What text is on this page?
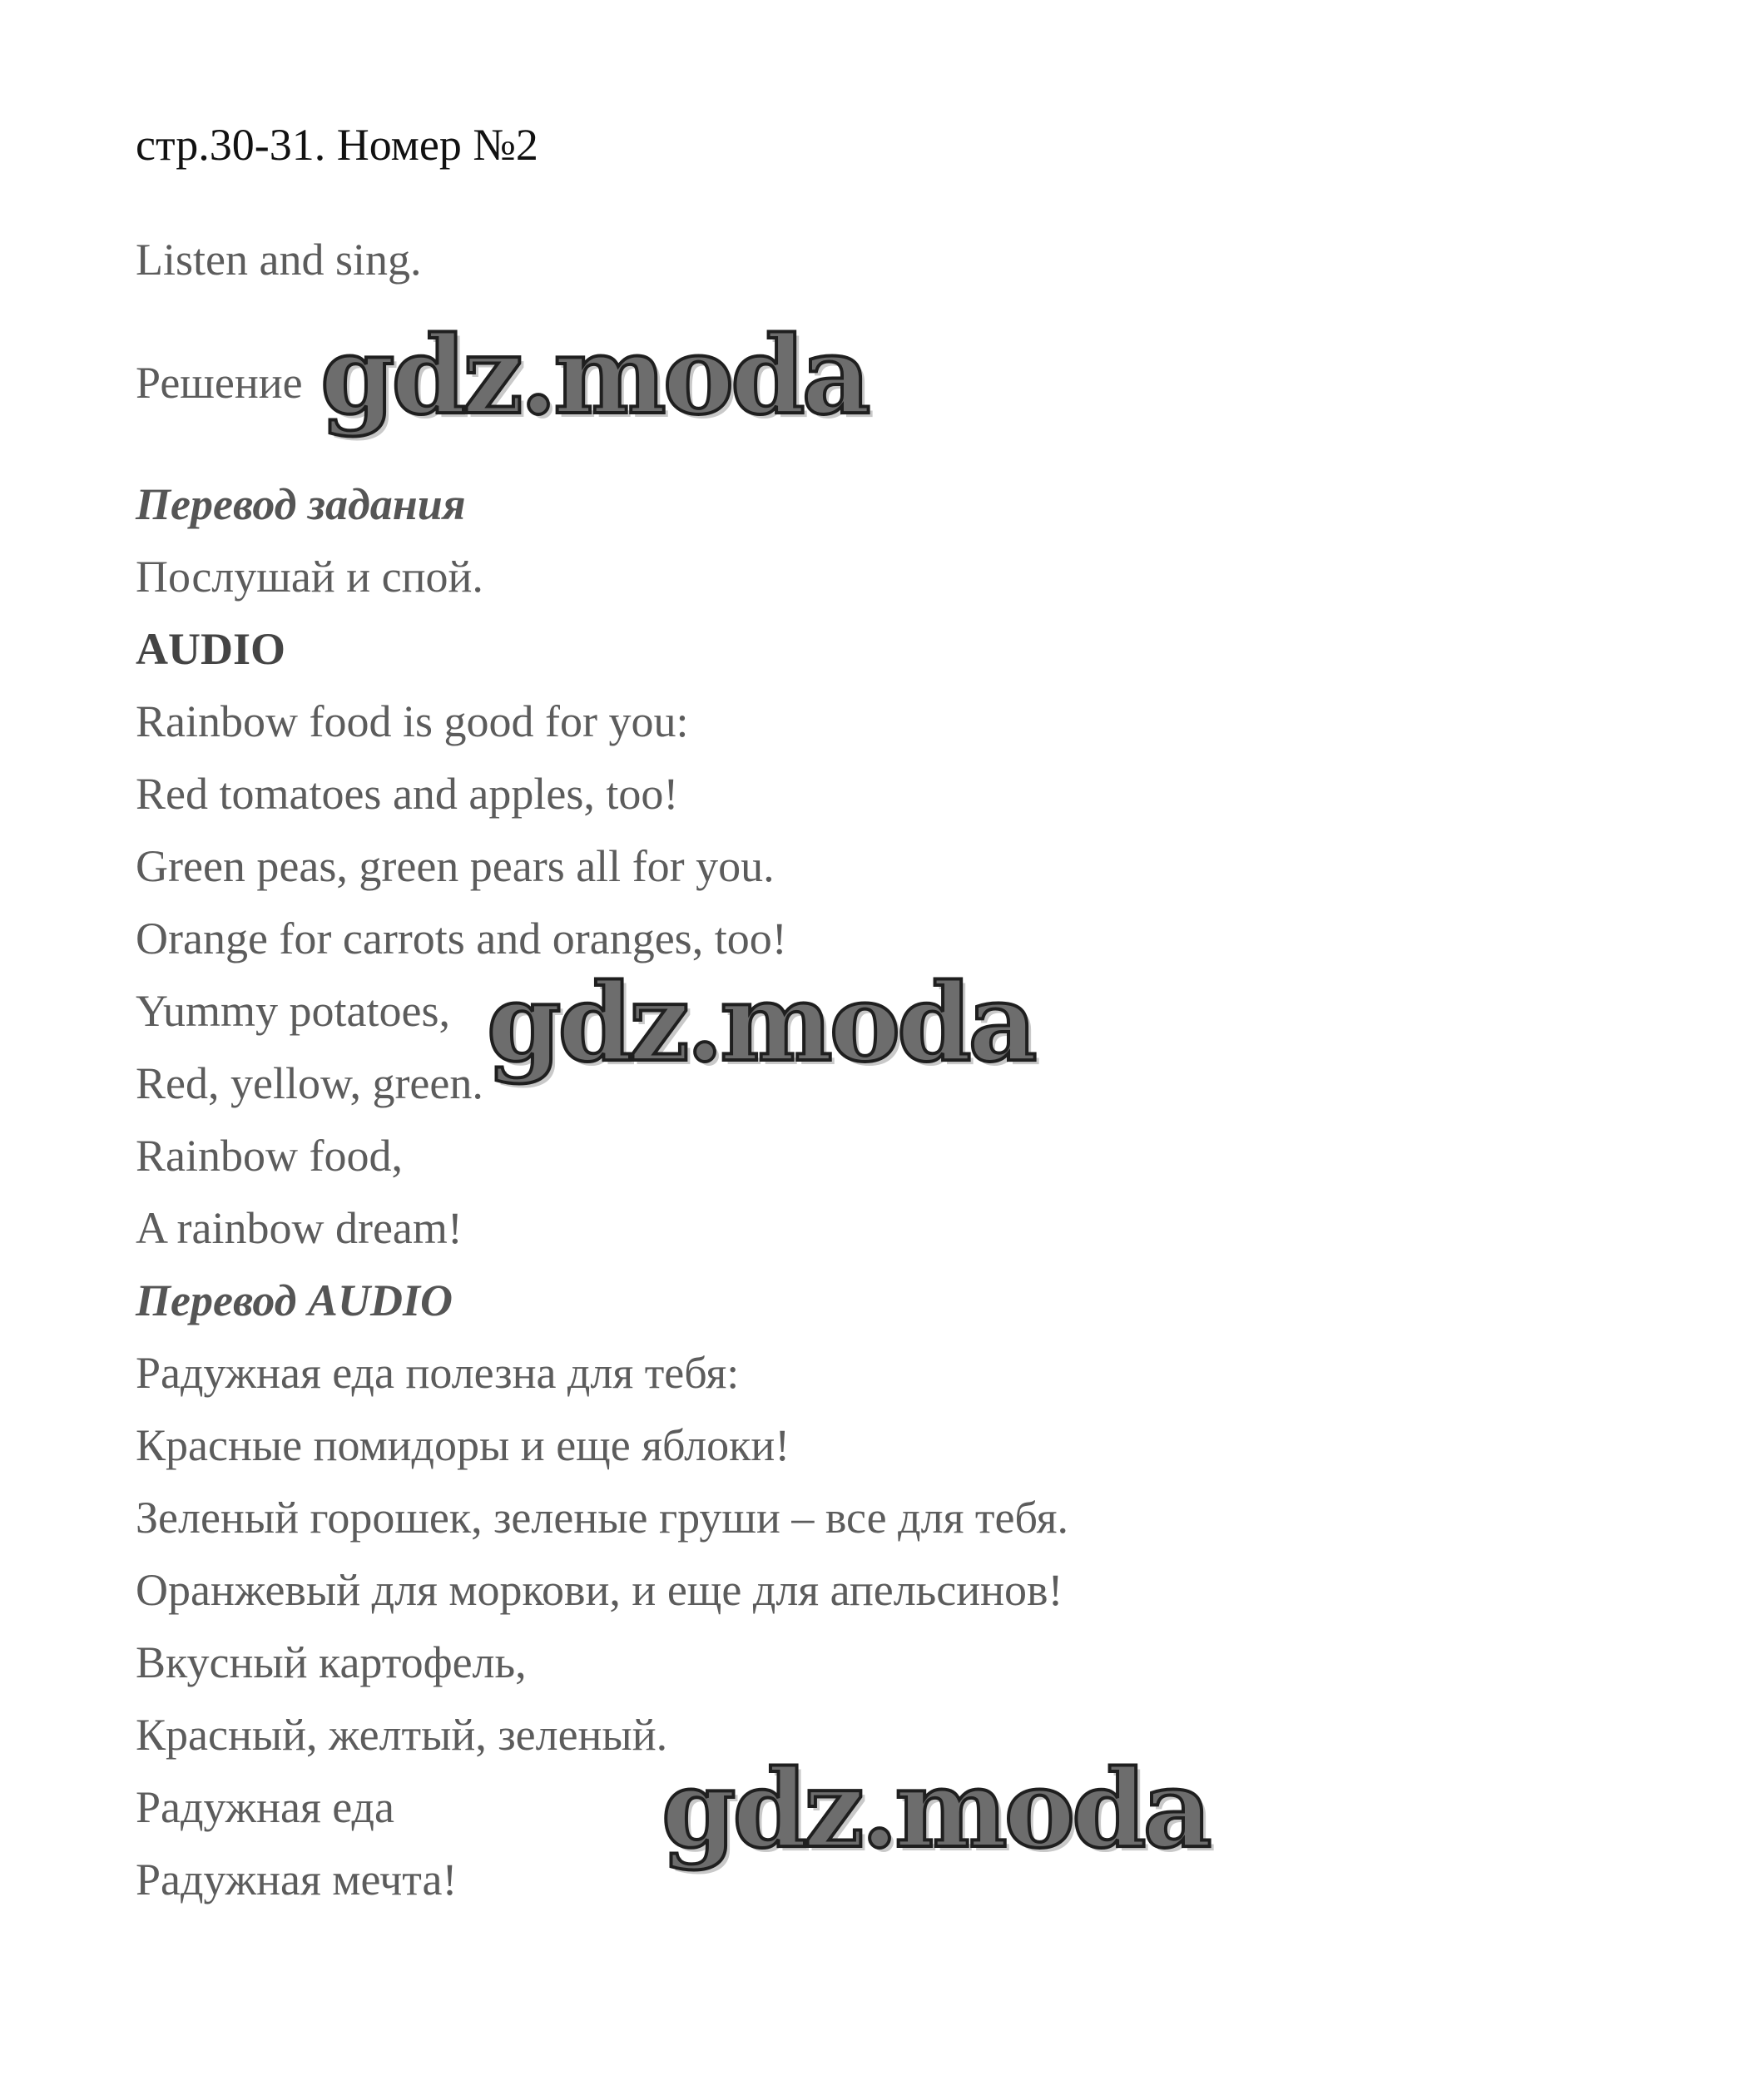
стр.30-31. Номер №2
Listen and sing.
Решение
Перевод задания
Послушай и спой.
AUDIO
Rainbow food is good for you:
Red tomatoes and apples, too!
Green peas, green pears all for you.
Orange for carrots and oranges, too!
Yummy potatoes,
Red, yellow, green.
Rainbow food,
A rainbow dream!
Перевод AUDIO
Радужная еда полезна для тебя:
Красные помидоры и еще яблоки!
Зеленый горошек, зеленые груши – все для тебя.
Оранжевый для моркови, и еще для апельсинов!
Вкусный картофель,
Красный, желтый, зеленый.
Радужная еда
Радужная мечта!
gdz.moda
gdz.moda
gdz.moda
